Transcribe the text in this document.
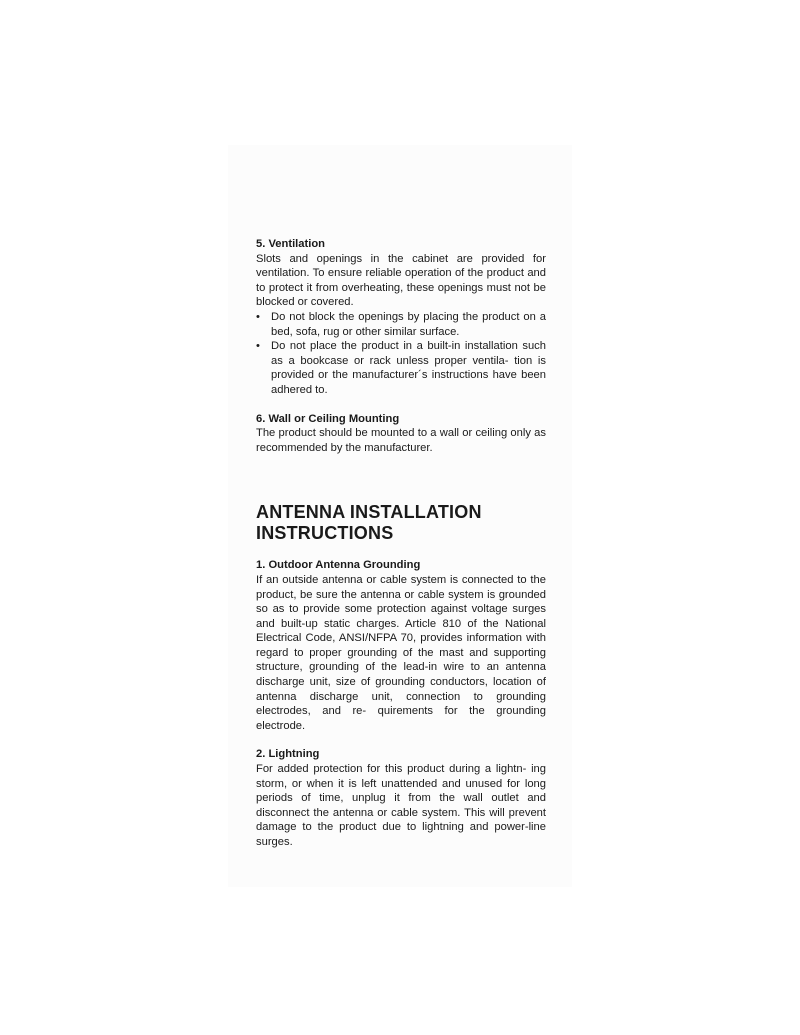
5. Ventilation

Slots and openings in the cabinet are provided for ventilation. To ensure reliable operation of the product and to protect it from overheating, these openings must not be blocked or covered.

• Do not block the openings by placing the product on a bed, sofa, rug or other similar surface.
• Do not place the product in a built-in installation such as a bookcase or rack unless proper ventila- tion is provided or the manufacturer´s instructions have been adhered to.

6. Wall or Ceiling Mounting

The product should be mounted to a wall or ceiling only as recommended by the manufacturer.

ANTENNA INSTALLATION

INSTRUCTIONS

1. Outdoor Antenna Grounding

If an outside antenna or cable system is connected to the product, be sure the antenna or cable system is grounded so as to provide some protection against voltage surges and built-up static charges. Article 810 of the National Electrical Code, ANSI/NFPA 70, provides information with regard to proper grounding of the mast and supporting structure, grounding of the lead-in wire to an antenna discharge unit, size of grounding conductors, location of antenna discharge unit, connection to grounding electrodes, and re- quirements for the grounding electrode.

2. Lightning

For added protection for this product during a lightn- ing storm, or when it is left unattended and unused for long periods of time, unplug it from the wall outlet and disconnect the antenna or cable system. This will prevent damage to the product due to lightning and power-line surges.
